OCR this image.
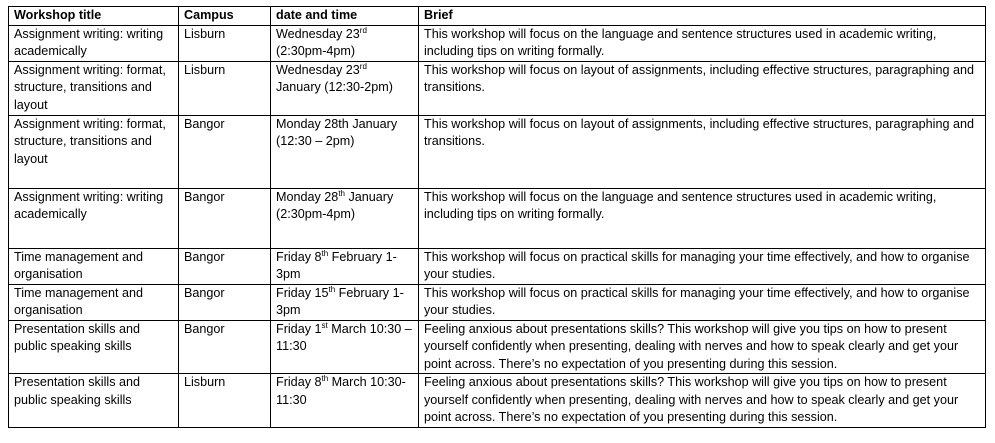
Workshop title	Campus	date and time	Brief
Assignment writing: writing academically	Lisburn	Wednesday 23rd (2:30pm-4pm)	This workshop will focus on the language and sentence structures used in academic writing, including tips on writing formally.
Assignment writing: format, structure, transitions and layout	Lisburn	Wednesday 23rd January (12:30-2pm)	This workshop will focus on layout of assignments, including effective structures, paragraphing and transitions.
Assignment writing: format, structure, transitions and layout	Bangor	Monday 28th January (12:30 – 2pm)	This workshop will focus on layout of assignments, including effective structures, paragraphing and transitions.
Assignment writing: writing academically	Bangor	Monday 28th January (2:30pm-4pm)	This workshop will focus on the language and sentence structures used in academic writing, including tips on writing formally.
Time management and organisation	Bangor	Friday 8th February 1-3pm	This workshop will focus on practical skills for managing your time effectively, and how to organise your studies.
Time management and organisation	Bangor	Friday 15th February 1-3pm	This workshop will focus on practical skills for managing your time effectively, and how to organise your studies.
Presentation skills and public speaking skills	Bangor	Friday 1st March 10:30 – 11:30	Feeling anxious about presentations skills? This workshop will give you tips on how to present yourself confidently when presenting, dealing with nerves and how to speak clearly and get your point across. There’s no expectation of you presenting during this session.
Presentation skills and public speaking skills	Lisburn	Friday 8th March 10:30-11:30	Feeling anxious about presentations skills? This workshop will give you tips on how to present yourself confidently when presenting, dealing with nerves and how to speak clearly and get your point across. There’s no expectation of you presenting during this session.
